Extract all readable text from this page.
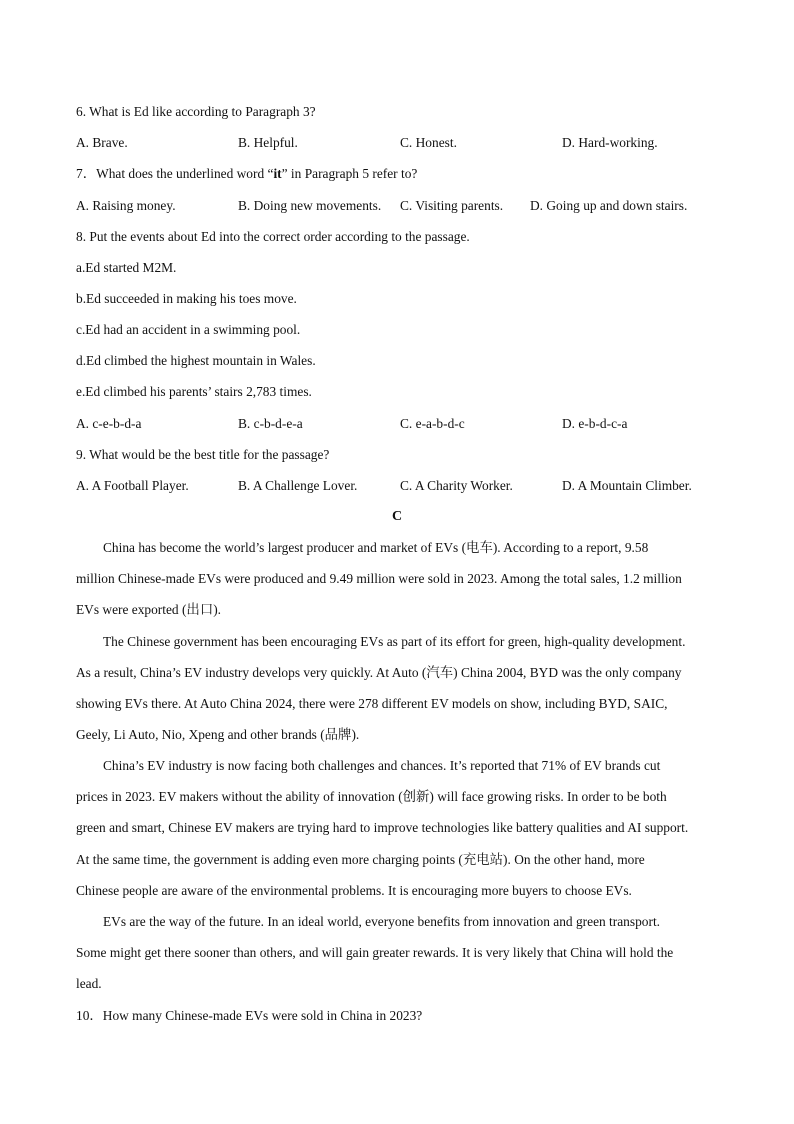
6. What is Ed like according to Paragraph 3?
A. Brave.	B. Helpful.	C. Honest.	D. Hard-working.
7．What does the underlined word “it” in Paragraph 5 refer to?
A. Raising money.	B. Doing new movements. C. Visiting parents. D. Going up and down stairs.
8. Put the events about Ed into the correct order according to the passage.
a.Ed started M2M.
b.Ed succeeded in making his toes move.
c.Ed had an accident in a swimming pool.
d.Ed climbed the highest mountain in Wales.
e.Ed climbed his parents’ stairs 2,783 times.
A. c-e-b-d-a	B. c-b-d-e-a	C. e-a-b-d-c	D. e-b-d-c-a
9. What would be the best title for the passage?
A. A Football Player.	B. A Challenge Lover.	C. A Charity Worker.	D. A Mountain Climber.
C
China has become the world’s largest producer and market of EVs (电车). According to a report, 9.58
million Chinese-made EVs were produced and 9.49 million were sold in 2023. Among the total sales, 1.2 million
EVs were exported (出口).
The Chinese government has been encouraging EVs as part of its effort for green, high-quality development.
As a result, China’s EV industry develops very quickly. At Auto (汽车) China 2004, BYD was the only company
showing EVs there. At Auto China 2024, there were 278 different EV models on show, including BYD, SAIC,
Geely, Li Auto, Nio, Xpeng and other brands (品牌).
China’s EV industry is now facing both challenges and chances. It’s reported that 71% of EV brands cut
prices in 2023. EV makers without the ability of innovation (创新) will face growing risks. In order to be both
green and smart, Chinese EV makers are trying hard to improve technologies like battery qualities and AI support.
At the same time, the government is adding even more charging points (充电站). On the other hand, more
Chinese people are aware of the environmental problems. It is encouraging more buyers to choose EVs.
EVs are the way of the future. In an ideal world, everyone benefits from innovation and green transport.
Some might get there sooner than others, and will gain greater rewards. It is very likely that China will hold the
lead.
10．How many Chinese-made EVs were sold in China in 2023?
